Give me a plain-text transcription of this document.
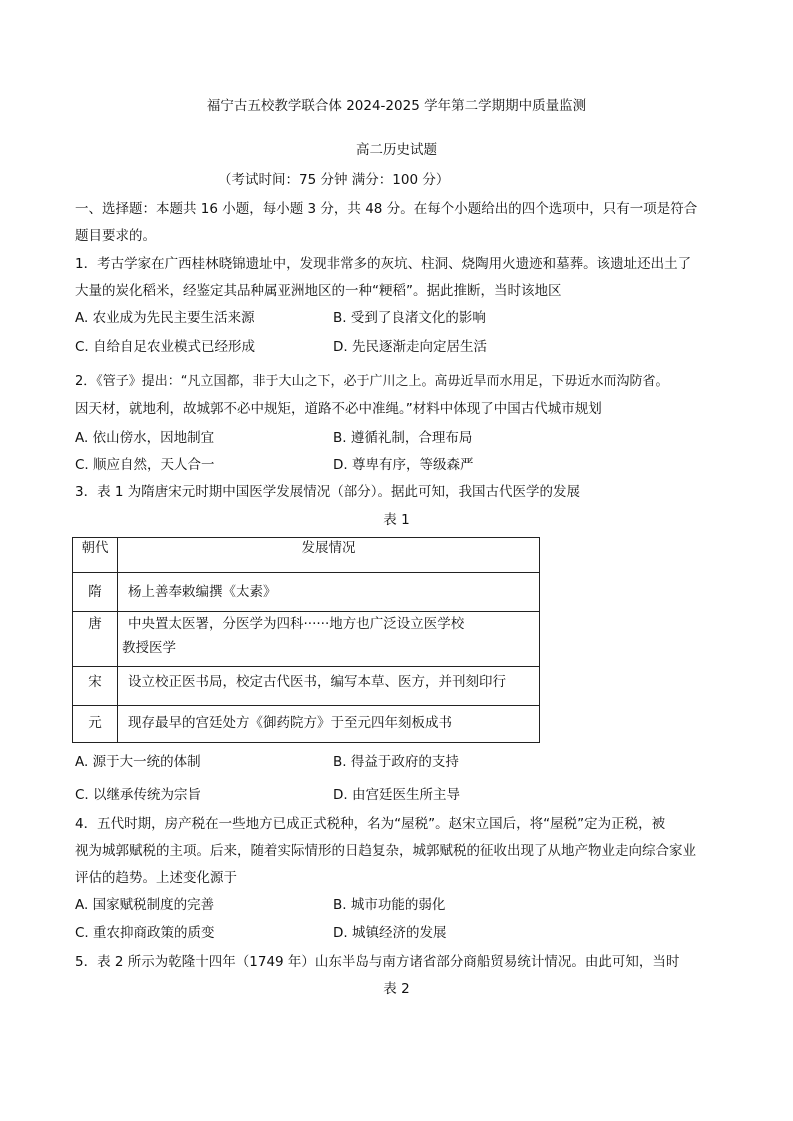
福宁古五校教学联合体 2024-2025 学年第二学期期中质量监测
高二历史试题
（考试时间：75 分钟 满分：100 分）
一、选择题：本题共 16 小题，每小题 3 分，共 48 分。在每个小题给出的四个选项中，只有一项是符合
题目要求的。
1．考古学家在广西桂林晓锦遗址中，发现非常多的灰坑、柱洞、烧陶用火遗迹和墓葬。该遗址还出土了
大量的炭化稻米，经鉴定其品种属亚洲地区的一种“粳稻”。据此推断，当时该地区
A. 农业成为先民主要生活来源	B. 受到了良渚文化的影响
C. 自给自足农业模式已经形成	D. 先民逐渐走向定居生活
2．《管子》提出：“凡立国都，非于大山之下，必于广川之上。高毋近旱而水用足，下毋近水而沟防省。
因天材，就地利，故城郭不必中规矩，道路不必中准绳。”材料中体现了中国古代城市规划
A. 依山傍水，因地制宜	B. 遵循礼制，合理布局
C. 顺应自然，天人合一	D. 尊卑有序，等级森严
3．表 1 为隋唐宋元时期中国医学发展情况（部分）。据此可知，我国古代医学的发展
表 1
朝代	发展情况
隋	杨上善奉敕编撰《太素》
唐	中央置太医署，分医学为四科······地方也广泛设立医学校
教授医学

宋	设立校正医书局，校定古代医书，编写本草、医方，并刊刻印行
元	现存最早的宫廷处方《御药院方》于至元四年刻板成书
A. 源于大一统的体制	B. 得益于政府的支持
C. 以继承传统为宗旨	D. 由宫廷医生所主导
4．五代时期，房产税在一些地方已成正式税种，名为“屋税”。赵宋立国后，将“屋税”定为正税，被
视为城郭赋税的主项。后来，随着实际情形的日趋复杂，城郭赋税的征收出现了从地产物业走向综合家业
评估的趋势。上述变化源于
A. 国家赋税制度的完善	B. 城市功能的弱化
C. 重农抑商政策的质变	D. 城镇经济的发展
5．表 2 所示为乾隆十四年（1749 年）山东半岛与南方诸省部分商船贸易统计情况。由此可知，当时
表 2
